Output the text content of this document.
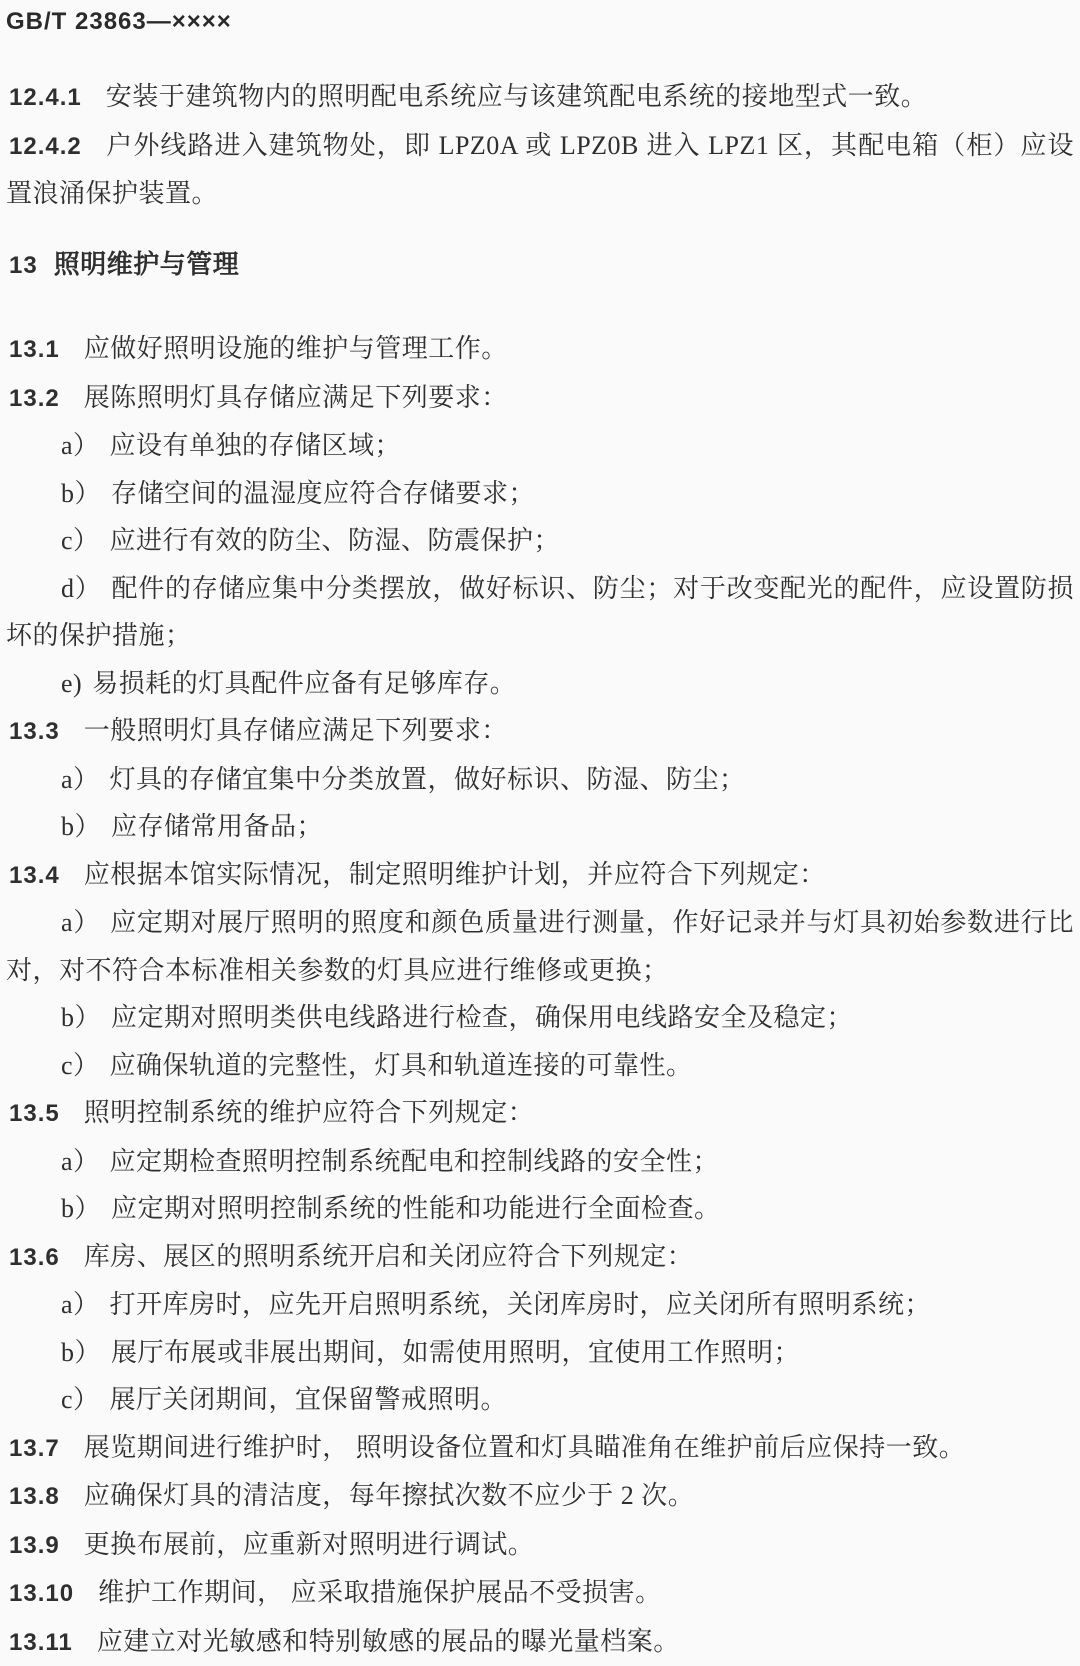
GB/T 23863—××××

12.4.1 安装于建筑物内的照明配电系统应与该建筑配电系统的接地型式一致。

12.4.2 户外线路进入建筑物处，即 LPZ0A 或 LPZ0B 进入 LPZ1 区，其配电箱（柜）应设置浪涌保护装置。

13 照明维护与管理

13.1 应做好照明设施的维护与管理工作。

13.2 展陈照明灯具存储应满足下列要求：

a） 应设有单独的存储区域；

b） 存储空间的温湿度应符合存储要求；

c） 应进行有效的防尘、防湿、防震保护；

d） 配件的存储应集中分类摆放，做好标识、防尘；对于改变配光的配件，应设置防损坏的保护措施；

e) 易损耗的灯具配件应备有足够库存。

13.3 一般照明灯具存储应满足下列要求：

a） 灯具的存储宜集中分类放置，做好标识、防湿、防尘；

b） 应存储常用备品；

13.4 应根据本馆实际情况，制定照明维护计划，并应符合下列规定：

a） 应定期对展厅照明的照度和颜色质量进行测量，作好记录并与灯具初始参数进行比对，对不符合本标准相关参数的灯具应进行维修或更换；

b） 应定期对照明类供电线路进行检查，确保用电线路安全及稳定；

c） 应确保轨道的完整性，灯具和轨道连接的可靠性。

13.5 照明控制系统的维护应符合下列规定：

a） 应定期检查照明控制系统配电和控制线路的安全性；

b） 应定期对照明控制系统的性能和功能进行全面检查。

13.6 库房、展区的照明系统开启和关闭应符合下列规定：

a） 打开库房时，应先开启照明系统，关闭库房时，应关闭所有照明系统；

b） 展厅布展或非展出期间，如需使用照明，宜使用工作照明；

c） 展厅关闭期间，宜保留警戒照明。

13.7 展览期间进行维护时， 照明设备位置和灯具瞄准角在维护前后应保持一致。

13.8 应确保灯具的清洁度，每年擦拭次数不应少于 2 次。

13.9 更换布展前，应重新对照明进行调试。

13.10 维护工作期间， 应采取措施保护展品不受损害。

13.11 应建立对光敏感和特别敏感的展品的曝光量档案。
